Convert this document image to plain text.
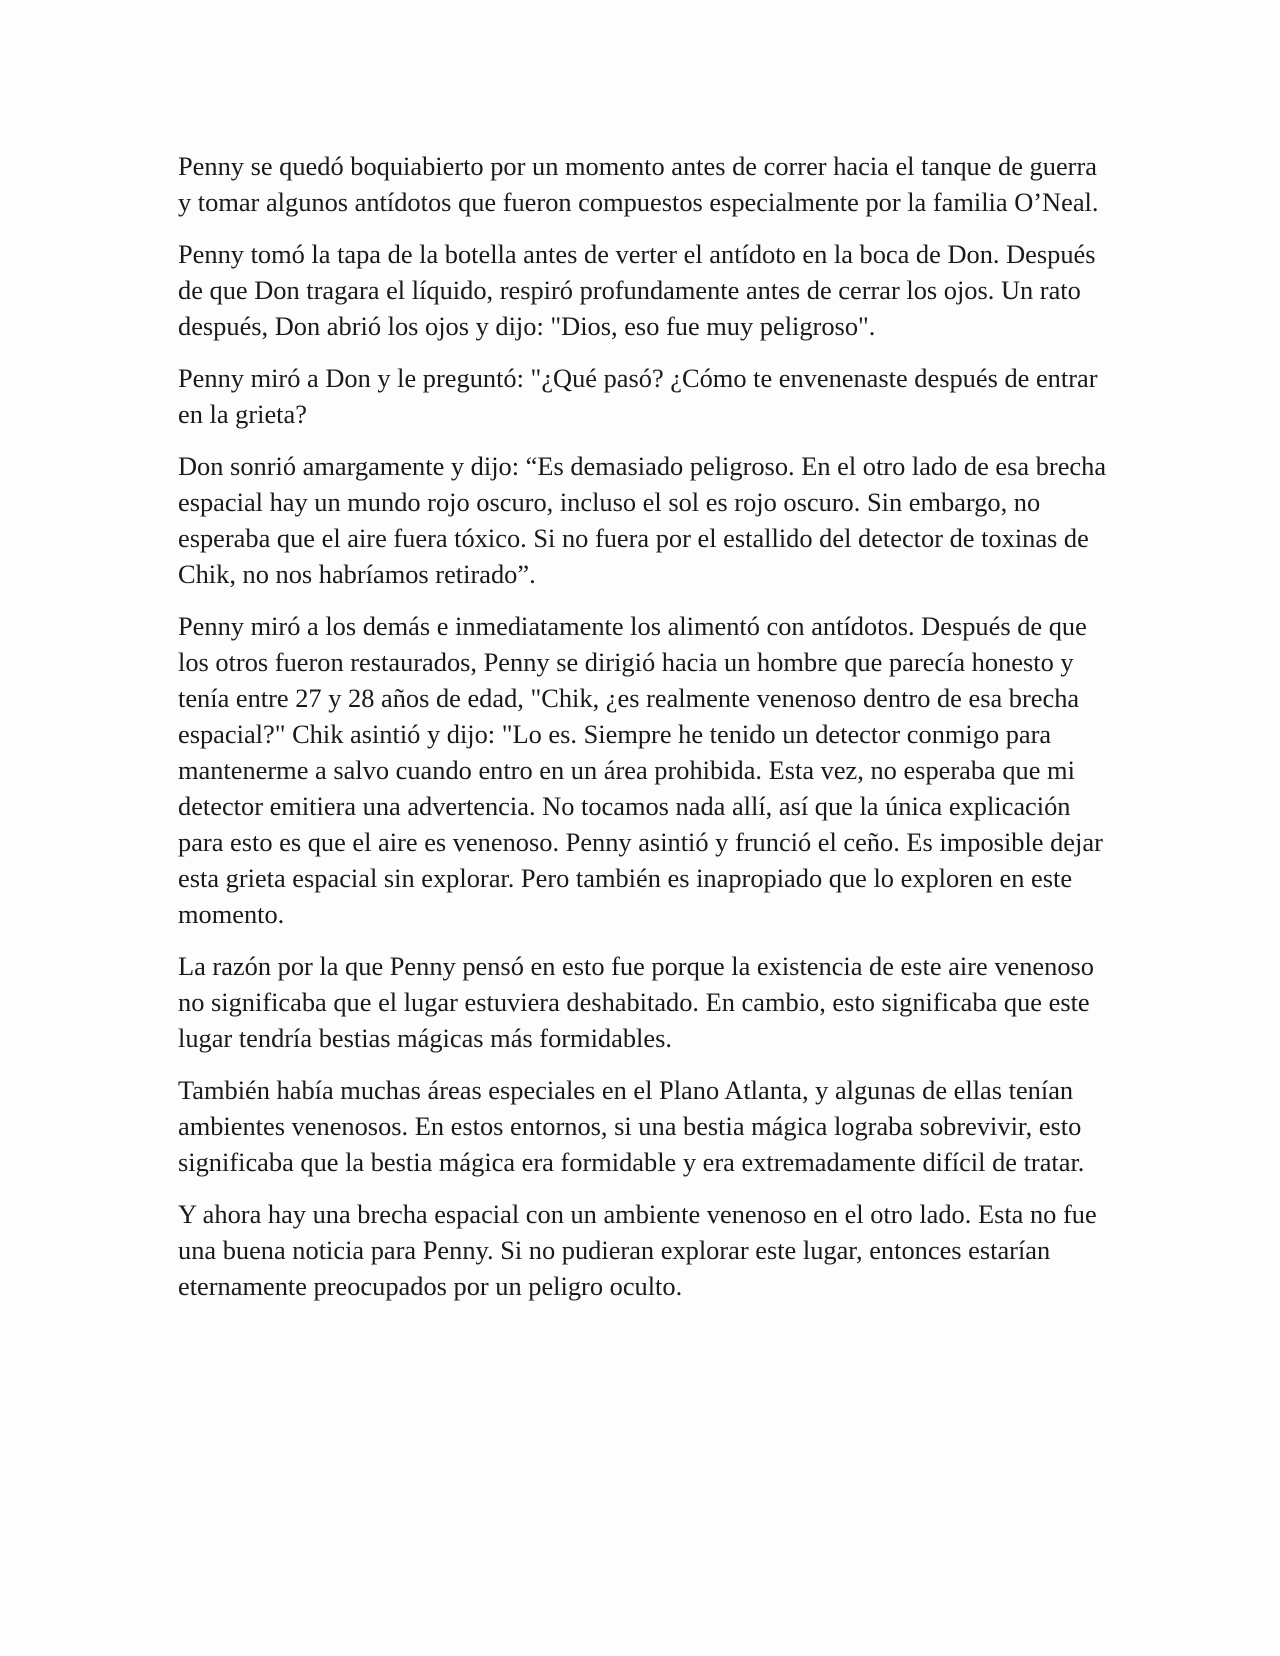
Penny se quedó boquiabierto por un momento antes de correr hacia el tanque de guerra y tomar algunos antídotos que fueron compuestos especialmente por la familia O’Neal.

Penny tomó la tapa de la botella antes de verter el antídoto en la boca de Don. Después de que Don tragara el líquido, respiró profundamente antes de cerrar los ojos. Un rato después, Don abrió los ojos y dijo: "Dios, eso fue muy peligroso".

Penny miró a Don y le preguntó: "¿Qué pasó? ¿Cómo te envenenaste después de entrar en la grieta?

Don sonrió amargamente y dijo: “Es demasiado peligroso. En el otro lado de esa brecha espacial hay un mundo rojo oscuro, incluso el sol es rojo oscuro. Sin embargo, no esperaba que el aire fuera tóxico. Si no fuera por el estallido del detector de toxinas de Chik, no nos habríamos retirado”.

Penny miró a los demás e inmediatamente los alimentó con antídotos. Después de que los otros fueron restaurados, Penny se dirigió hacia un hombre que parecía honesto y tenía entre 27 y 28 años de edad, "Chik, ¿es realmente venenoso dentro de esa brecha espacial?" Chik asintió y dijo: "Lo es. Siempre he tenido un detector conmigo para mantenerme a salvo cuando entro en un área prohibida. Esta vez, no esperaba que mi detector emitiera una advertencia. No tocamos nada allí, así que la única explicación para esto es que el aire es venenoso. Penny asintió y frunció el ceño. Es imposible dejar esta grieta espacial sin explorar. Pero también es inapropiado que lo exploren en este momento.

La razón por la que Penny pensó en esto fue porque la existencia de este aire venenoso no significaba que el lugar estuviera deshabitado. En cambio, esto significaba que este lugar tendría bestias mágicas más formidables.

También había muchas áreas especiales en el Plano Atlanta, y algunas de ellas tenían ambientes venenosos. En estos entornos, si una bestia mágica lograba sobrevivir, esto significaba que la bestia mágica era formidable y era extremadamente difícil de tratar.

Y ahora hay una brecha espacial con un ambiente venenoso en el otro lado. Esta no fue una buena noticia para Penny. Si no pudieran explorar este lugar, entonces estarían eternamente preocupados por un peligro oculto.
